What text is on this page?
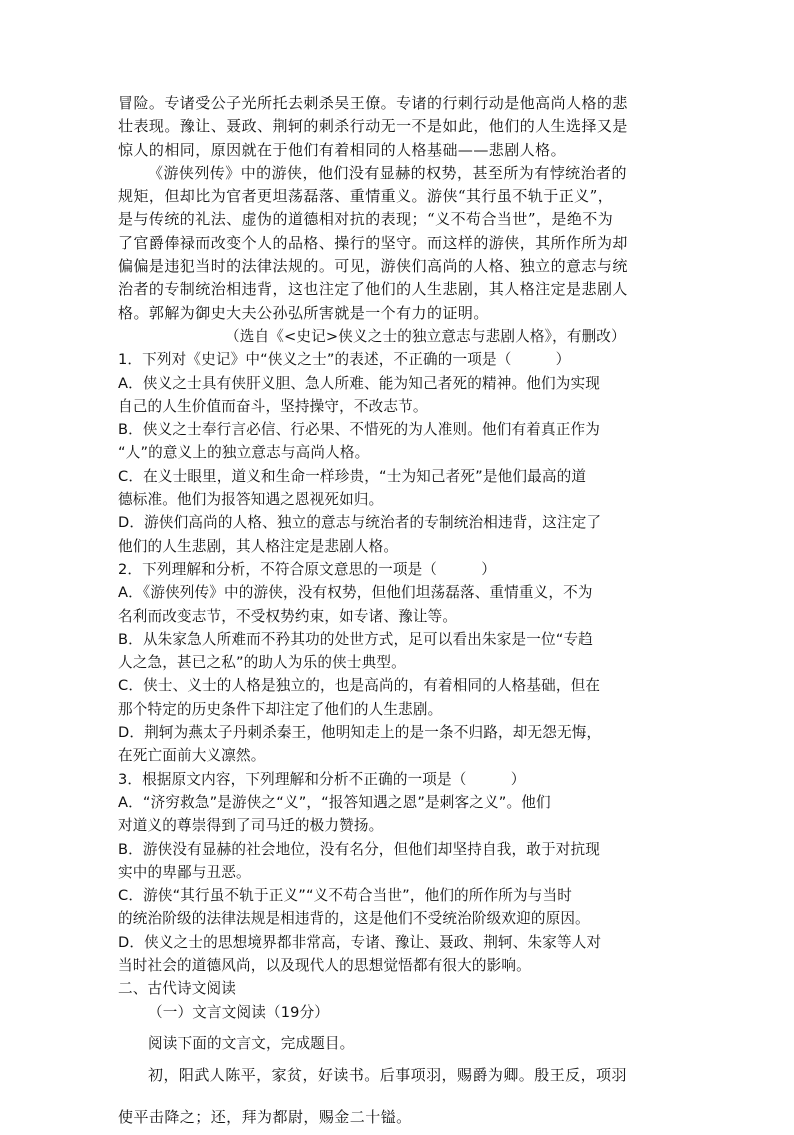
冒险。专诸受公子光所托去刺杀吴王僚。专诸的行刺行动是他高尚人格的悲

壮表现。豫让、聂政、荆轲的刺杀行动无一不是如此，他们的人生选择又是

惊人的相同，原因就在于他们有着相同的人格基础——悲剧人格。

《游侠列传》中的游侠，他们没有显赫的权势，甚至所为有悖统治者的

规矩，但却比为官者更坦荡磊落、重情重义。游侠“其行虽不轨于正义”，

是与传统的礼法、虚伪的道德相对抗的表现；“义不苟合当世”，是绝不为

了官爵俸禄而改变个人的品格、操行的坚守。而这样的游侠，其所作所为却

偏偏是违犯当时的法律法规的。可见，游侠们高尚的人格、独立的意志与统

治者的专制统治相违背，这也注定了他们的人生悲剧，其人格注定是悲剧人

格。郭解为御史大夫公孙弘所害就是一个有力的证明。

（选自《<史记>侠义之士的独立意志与悲剧人格》，有删改）

1．下列对《史记》中“侠义之士”的表述，不正确的一项是（　　　）

A．侠义之士具有侠肝义胆、急人所难、能为知己者死的精神。他们为实现

自己的人生价值而奋斗，坚持操守，不改志节。

B．侠义之士奉行言必信、行必果、不惜死的为人准则。他们有着真正作为

“人”的意义上的独立意志与高尚人格。

C．在义士眼里，道义和生命一样珍贵，“士为知己者死”是他们最高的道

德标准。他们为报答知遇之恩视死如归。

D．游侠们高尚的人格、独立的意志与统治者的专制统治相违背，这注定了

他们的人生悲剧，其人格注定是悲剧人格。

2．下列理解和分析，不符合原文意思的一项是（　　　）

A．《游侠列传》中的游侠，没有权势，但他们坦荡磊落、重情重义，不为

名利而改变志节，不受权势约束，如专诸、豫让等。

B．从朱家急人所难而不矜其功的处世方式，足可以看出朱家是一位“专趋

人之急，甚已之私”的助人为乐的侠士典型。

C．侠士、义士的人格是独立的，也是高尚的，有着相同的人格基础，但在

那个特定的历史条件下却注定了他们的人生悲剧。

D．荆轲为燕太子丹刺杀秦王，他明知走上的是一条不归路，却无怨无悔，

在死亡面前大义凛然。

3．根据原文内容，下列理解和分析不正确的一项是（　　　）

A．“济穷救急”是游侠之“义”，“报答知遇之恩”是刺客之义”。他们

对道义的尊崇得到了司马迁的极力赞扬。

B．游侠没有显赫的社会地位，没有名分，但他们却坚持自我，敢于对抗现

实中的卑鄙与丑恶。

C．游侠“其行虽不轨于正义”“义不苟合当世”，他们的所作所为与当时

的统治阶级的法律法规是相违背的，这是他们不受统治阶级欢迎的原因。

D．侠义之士的思想境界都非常高，专诸、豫让、聂政、荆轲、朱家等人对

当时社会的道德风尚，以及现代人的思想觉悟都有很大的影响。

二、古代诗文阅读

（一）文言文阅读（19分）

阅读下面的文言文，完成题目。

初，阳武人陈平，家贫，好读书。后事项羽，赐爵为卿。殷王反，项羽

使平击降之；还，拜为都尉，赐金二十镒。
